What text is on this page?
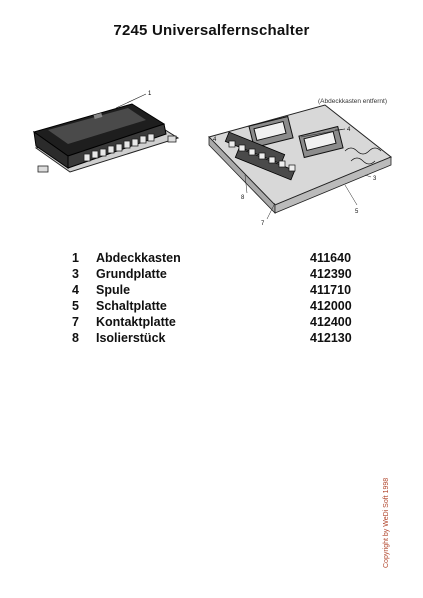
7245 Universalfernschalter
1
(Abdeckkasten entfernt)
4
4
3
5
7
8
1	Abdeckkasten	411640
3	Grundplatte	412390
4	Spule	411710
5	Schaltplatte	412000
7	Kontaktplatte	412400
8	Isolierstück	412130
Copyright by WeDi Soft 1998
